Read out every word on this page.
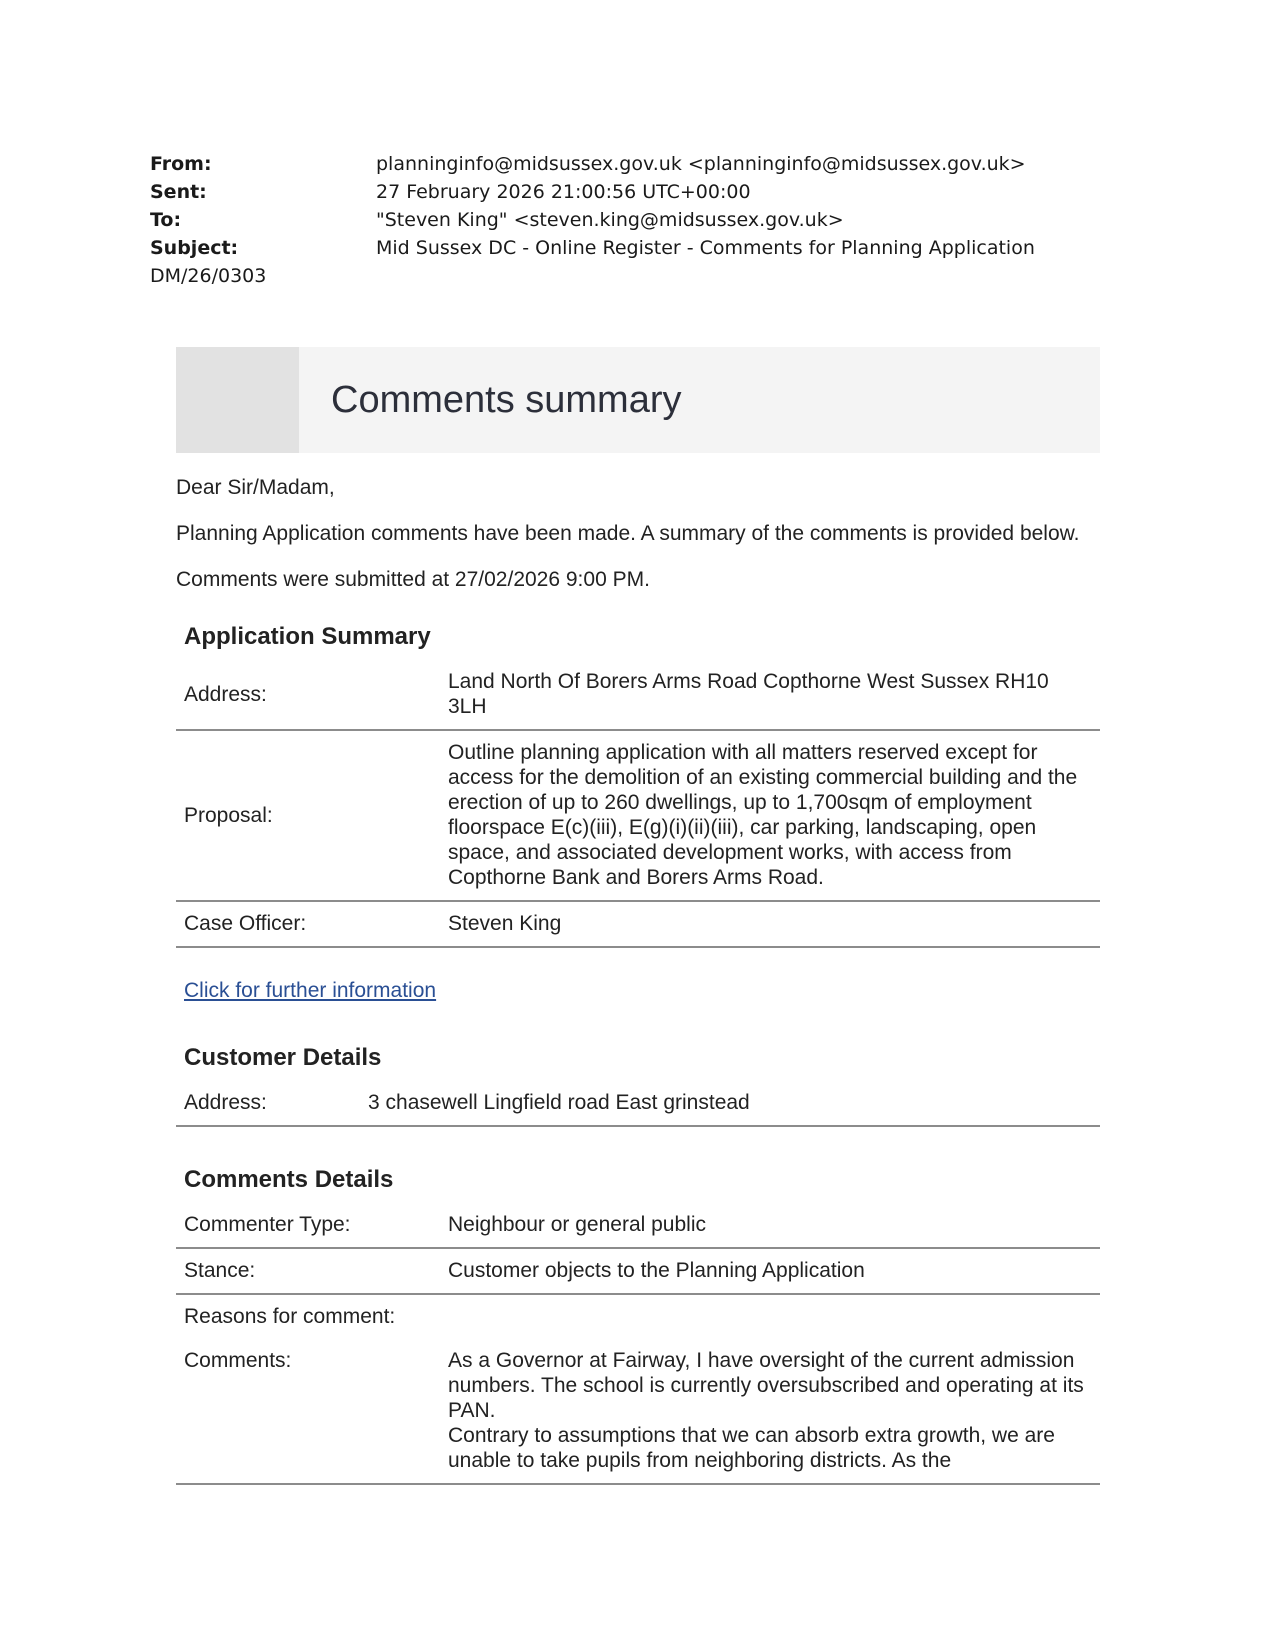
From:	planninginfo@midsussex.gov.uk <planninginfo@midsussex.gov.uk>
Sent:	27 February 2026 21:00:56 UTC+00:00
To:	"Steven King" <steven.king@midsussex.gov.uk>
Subject:	Mid Sussex DC - Online Register - Comments for Planning Application
DM/26/0303
Comments summary

Dear Sir/Madam,

Planning Application comments have been made. A summary of the comments is provided below.

Comments were submitted at 27/02/2026 9:00 PM.

Application Summary
Address:	Land North Of Borers Arms Road Copthorne West Sussex RH10 3LH
Proposal:	Outline planning application with all matters reserved except for access for the demolition of an existing commercial building and the erection of up to 260 dwellings, up to 1,700sqm of employment floorspace E(c)(iii), E(g)(i)(ii)(iii), car parking, landscaping, open space, and associated development works, with access from Copthorne Bank and Borers Arms Road.
Case Officer:	Steven King
Click for further information
Customer Details
Address:	3 chasewell Lingfield road East grinstead
Comments Details
Commenter Type:	Neighbour or general public
Stance:	Customer objects to the Planning Application
Reasons for comment:	
Comments:	As a Governor at Fairway, I have oversight of the current admission numbers. The school is currently oversubscribed and operating at its PAN.
Contrary to assumptions that we can absorb extra growth, we are unable to take pupils from neighboring districts. As the
